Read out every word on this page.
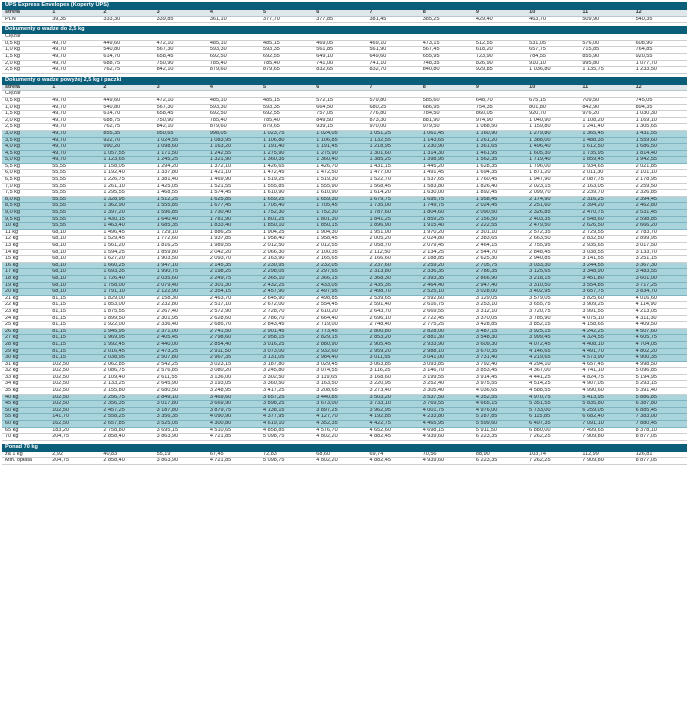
UPS Express Envelopes (Koperty UPS)												
strefa	1	2	3	4	5	6	7	8	9	10	11	12
PLN	39,35	333,30	339,85	361,10	377,70	377,85	381,45	385,25	429,40	463,70	509,90	540,35

Dokumenty o wadze do 2,5 kg												
Ciężar												
0,5 kg	49,70	449,60	472,10	485,10	485,15	469,05	469,10	473,15	512,55	531,05	576,00	608,90
1,0 kg	49,70	540,80	567,30	593,30	593,35	561,85	561,90	567,45	618,20	657,75	715,85	764,85
1,5 kg	49,70	614,70	658,45	692,50	692,55	649,10	649,60	655,95	723,90	784,55	855,90	920,55
2,0 kg	49,70	688,75	750,90	785,40	785,40	741,00	741,10	748,35	826,90	910,10	995,80	1 077,70
2,5 kg	49,70	762,75	842,10	879,60	879,65	832,65	832,70	840,80	929,85	1 036,80	1 135,75	1 233,50

Dokumenty o wadze powyżej 2,5 kg i paczki												
strefa	1	2	3	4	5	6	7	8	9	10	11	12
Ciężar												
0,5 kg	49,70	449,60	472,10	485,10	485,15	572,15	579,80	585,60	648,70	675,15	709,50	745,05
1,0 kg	49,70	540,80	567,30	593,30	593,35	664,50	680,25	686,95	754,35	801,80	842,90	894,35
1,5 kg	49,70	614,70	658,45	692,50	692,55	757,05	776,80	784,50	860,05	920,70	976,20	1 030,30
2,0 kg	49,70	688,75	750,90	785,40	785,40	849,50	873,30	881,90	974,90	1 040,90	1 108,20	1 169,10
2,5 kg	49,70	762,75	842,10	879,60	879,65	939,15	970,00	979,50	1 088,50	1 159,80	1 241,40	1 305,65
3,0 kg	49,70	855,35	950,65	998,05	1 023,75	1 024,05	1 051,25	1 061,45	1 160,90	1 279,80	1 365,45	1 431,55
3,5 kg	49,70	922,70	1 024,55	1 083,95	1 106,80	1 106,85	1 132,55	1 143,65	1 261,20	1 388,00	1 488,35	1 559,60
4,0 kg	49,70	990,20	1 098,60	1 163,20	1 191,40	1 191,45	1 218,95	1 230,90	1 361,65	1 496,40	1 612,50	1 686,50
4,5 kg	49,70	1 057,55	1 171,50	1 242,55	1 275,90	1 275,90	1 301,60	1 314,30	1 461,95	1 605,30	1 735,95	1 814,40
5,0 kg	49,70	1 123,65	1 245,25	1 321,90	1 360,35	1 360,40	1 385,25	1 398,95	1 562,35	1 719,40	1 859,45	1 942,55
5,5 kg	55,55	1 158,05	1 294,20	1 372,10	1 426,65	1 426,70	1 431,15	1 445,20	1 628,35	1 796,00	1 934,65	2 021,85
6,0 kg	55,55	1 192,40	1 337,80	1 421,10	1 472,45	1 472,50	1 477,00	1 491,45	1 694,35	1 871,20	2 011,30	2 101,10
6,5 kg	55,55	1 226,75	1 381,40	1 469,90	1 519,25	1 519,30	1 522,70	1 537,65	1 760,45	1 947,90	2 087,75	2 178,95
7,0 kg	55,55	1 261,10	1 425,05	1 521,55	1 555,85	1 555,90	1 568,45	1 583,80	1 826,40	2 023,15	2 163,05	2 259,50
7,5 kg	55,55	1 295,55	1 468,55	1 574,45	1 610,90	1 610,90	1 614,20	1 630,00	1 892,45	2 099,70	2 239,70	2 326,85
8,0 kg	55,55	1 328,95	1 512,25	1 625,85	1 659,25	1 659,30	1 679,75	1 695,75	1 958,45	2 174,90	2 316,25	2 394,45
8,5 kg	55,55	1 362,90	1 555,85	1 677,45	1 705,40	1 705,45	1 735,00	1 749,75	2 024,45	2 251,60	2 394,20	2 462,80
9,0 kg	55,55	1 397,20	1 596,85	1 730,40	1 752,30	1 752,30	1 787,60	1 804,60	2 090,50	2 326,85	2 470,75	2 531,45
9,5 kg	55,55	1 430,15	1 640,40	1 781,90	1 801,25	1 801,30	1 841,25	1 859,25	2 156,50	2 403,35	2 548,60	2 598,85
10 kg	55,55	1 463,40	1 685,35	1 833,40	1 850,10	1 850,15	1 896,90	1 915,40	2 222,55	2 479,50	2 626,50	2 666,20
11 kg	68,10	1 496,45	1 729,10	1 886,25	1 904,25	1 904,30	1 951,00	1 970,20	2 301,10	2 572,35	2 729,55	2 783,70
12 kg	68,10	1 529,45	1 772,60	1 937,85	1 958,40	1 958,45	2 005,20	2 024,80	2 383,65	2 663,50	2 832,50	2 899,95
13 kg	68,10	1 561,20	1 816,25	1 989,55	2 012,50	2 012,55	2 058,70	2 079,45	2 464,15	2 755,95	2 935,65	3 017,50
14 kg	68,10	1 594,25	1 859,80	2 042,20	2 066,30	2 100,35	2 112,50	2 134,25	2 544,70	2 848,45	3 038,55	3 133,70
15 kg	68,10	1 627,20	1 903,50	2 093,70	2 163,90	2 165,65	2 166,60	2 188,85	2 625,30	2 940,85	3 141,55	3 251,15
16 kg	68,10	1 660,25	1 947,10	2 145,35	2 230,95	2 232,05	2 237,60	2 259,20	2 705,75	3 033,30	3 244,55	3 367,30
17 kg	68,10	1 693,35	1 990,75	2 198,25	2 298,05	2 297,65	2 313,80	2 336,35	2 786,35	3 125,65	3 348,90	3 483,55
18 kg	68,10	1 726,40	2 035,60	2 249,75	2 365,10	2 366,15	2 368,30	2 393,35	2 866,90	3 218,15	3 451,80	3 601,00
19 kg	68,10	1 758,00	2 079,40	2 301,30	2 432,25	2 433,05	2 435,35	2 464,40	2 947,40	3 310,50	3 554,85	3 717,25
20 kg	68,10	1 791,10	2 122,90	2 354,15	2 457,90	2 497,95	2 498,70	2 525,10	3 028,00	3 402,95	3 657,75	3 834,70
21 kg	81,15	1 829,00	2 158,30	2 463,70	2 645,90	2 498,85	2 539,65	2 592,60	3 129,05	3 579,05	3 825,60	4 016,60
22 kg	81,15	1 853,00	2 232,80	2 517,10	2 672,00	2 554,45	2 591,40	2 616,75	3 253,10	3 655,75	3 909,25	4 114,90
23 kg	81,15	1 875,55	2 267,40	2 572,90	2 728,70	2 610,20	2 643,70	2 669,55	3 312,10	3 720,75	3 991,55	4 213,05
24 kg	81,15	1 899,50	2 301,95	2 628,60	2 786,70	2 664,40	2 696,10	2 722,45	3 370,05	3 785,90	4 075,10	4 311,30
25 kg	81,15	1 922,00	2 336,40	2 685,70	2 843,45	2 719,00	2 748,40	2 775,25	3 428,85	3 852,15	4 158,65	4 409,50
26 kg	81,15	1 945,95	2 371,00	2 741,50	2 901,45	2 773,45	2 800,80	2 828,00	3 487,15	3 925,15	4 242,25	4 507,60
27 kg	81,15	1 969,95	2 405,45	2 798,60	2 958,15	2 829,15	2 853,20	2 881,30	3 548,30	3 999,45	4 324,55	4 605,75
28 kg	81,15	1 992,45	2 440,00	2 854,40	3 016,25	2 880,90	2 905,45	2 933,90	3 609,30	4 072,45	4 408,10	4 704,05
29 kg	81,15	2 016,45	2 473,25	2 911,50	3 073,00	2 932,60	2 959,20	2 988,10	3 670,35	4 146,65	4 491,70	4 802,20
30 kg	81,15	2 038,95	2 507,80	2 967,35	3 131,05	2 984,40	3 011,55	3 041,00	3 731,40	4 219,65	4 573,90	4 900,35
31 kg	102,50	2 062,85	2 542,25	3 023,15	3 187,80	3 029,45	3 063,85	3 093,85	3 792,40	4 294,10	4 657,45	4 998,50
32 kg	102,50	2 086,75	2 576,85	3 080,20	3 245,80	3 074,55	3 116,25	3 146,70	3 853,45	4 367,00	4 741,10	5 096,85
33 kg	102,50	2 109,40	2 611,55	3 136,00	3 302,50	3 119,65	3 168,60	3 199,55	3 914,45	4 441,25	4 824,75	5 194,95
34 kg	102,50	2 133,25	2 645,90	3 193,05	3 360,50	3 163,50	3 220,95	3 252,40	3 975,55	4 514,25	4 907,05	5 293,15
35 kg	102,50	2 155,80	2 680,50	3 248,95	3 417,25	3 208,65	3 273,40	3 305,40	4 036,65	4 588,55	4 990,60	5 391,40
40 kg	102,50	2 256,75	2 849,10	3 469,60	3 657,25	3 440,85	3 503,20	3 537,50	4 352,55	4 970,75	5 413,95	5 886,85
45 kg	102,50	2 356,35	3 017,80	3 669,90	3 898,25	3 673,00	3 733,10	3 769,55	4 665,15	5 351,55	5 835,80	6 387,80
50 kg	102,50	2 457,25	3 187,80	3 879,75	4 138,15	3 897,25	3 962,95	4 001,75	4 976,00	5 733,00	6 259,05	6 885,45
55 kg	141,70	2 558,25	3 356,35	4 090,90	4 377,95	4 127,70	4 192,85	4 233,80	5 287,85	6 115,85	6 682,40	7 383,00
60 kg	162,50	2 657,85	3 525,05	4 300,80	4 619,10	4 352,35	4 422,75	4 465,95	5 599,60	6 497,35	7 091,10	7 880,45
65 kg	183,20	2 758,80	3 695,15	4 510,65	4 858,85	4 576,70	4 652,60	4 698,15	5 911,50	6 880,00	7 499,65	8 378,10
70 kg	204,75	2 858,40	3 863,90	4 721,85	5 098,75	4 802,20	4 882,45	4 939,60	6 223,35	7 262,25	7 909,80	8 877,05

Ponad 70 kg												
za 1 kg	2,92	40,83	55,19	67,45	72,83	68,60	69,74	70,56	88,90	103,74	112,99	126,81
Min. opłata	204,75	2 858,40	3 863,90	4 721,85	5 098,75	4 802,20	4 882,45	4 939,60	6 223,35	7 262,25	7 909,80	8 877,05
